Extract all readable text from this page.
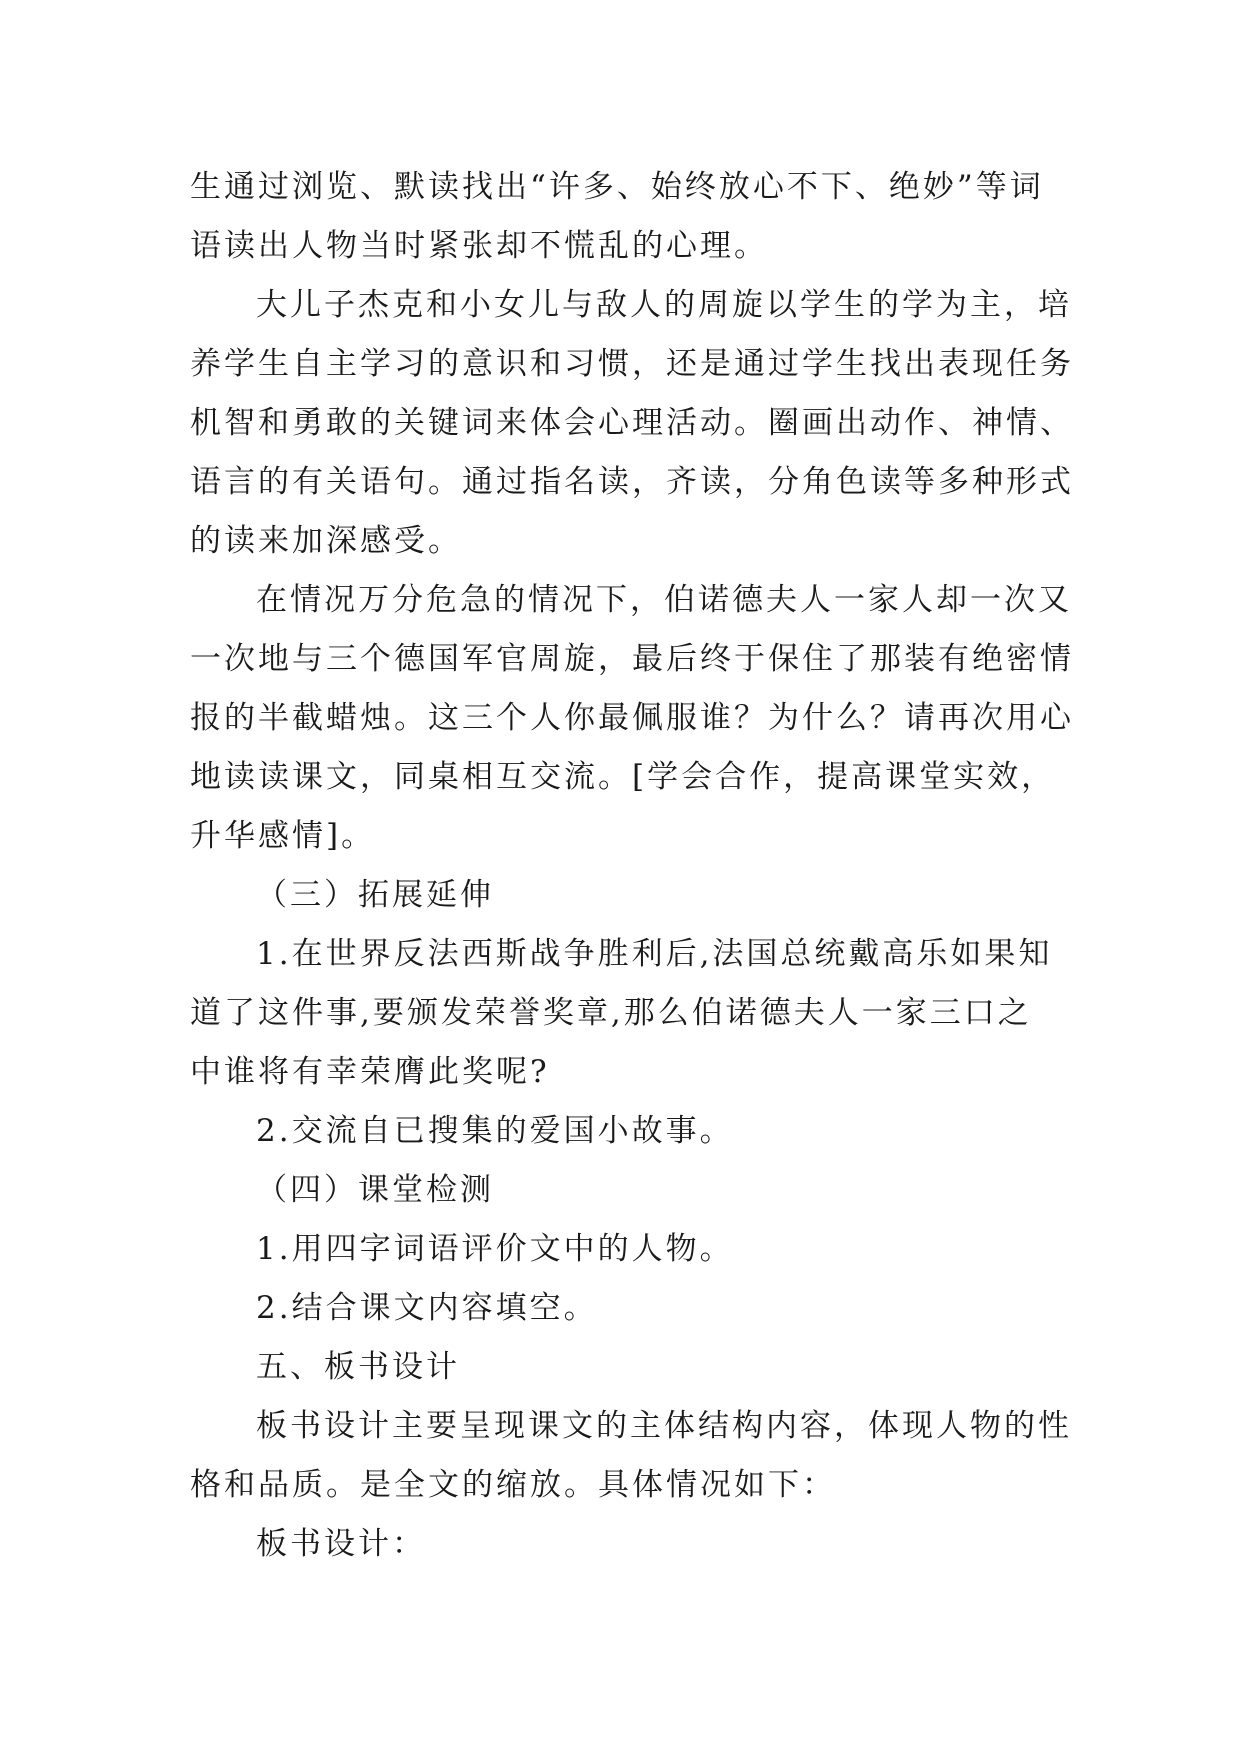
生通过浏览、默读找出“许多、始终放心不下、绝妙”等词

语读出人物当时紧张却不慌乱的心理。

大儿子杰克和小女儿与敌人的周旋以学生的学为主，培

养学生自主学习的意识和习惯，还是通过学生找出表现任务

机智和勇敢的关键词来体会心理活动。圈画出动作、神情、

语言的有关语句。通过指名读，齐读，分角色读等多种形式

的读来加深感受。

在情况万分危急的情况下，伯诺德夫人一家人却一次又

一次地与三个德国军官周旋，最后终于保住了那装有绝密情

报的半截蜡烛。这三个人你最佩服谁？为什么？请再次用心

地读读课文，同桌相互交流。[学会合作，提高课堂实效，

升华感情]。

（三）拓展延伸

1.在世界反法西斯战争胜利后,法国总统戴高乐如果知

道了这件事,要颁发荣誉奖章,那么伯诺德夫人一家三口之

中谁将有幸荣膺此奖呢?

2.交流自已搜集的爱国小故事。

（四）课堂检测

1.用四字词语评价文中的人物。

2.结合课文内容填空。

五、板书设计

板书设计主要呈现课文的主体结构内容，体现人物的性

格和品质。是全文的缩放。具体情况如下：

板书设计：
